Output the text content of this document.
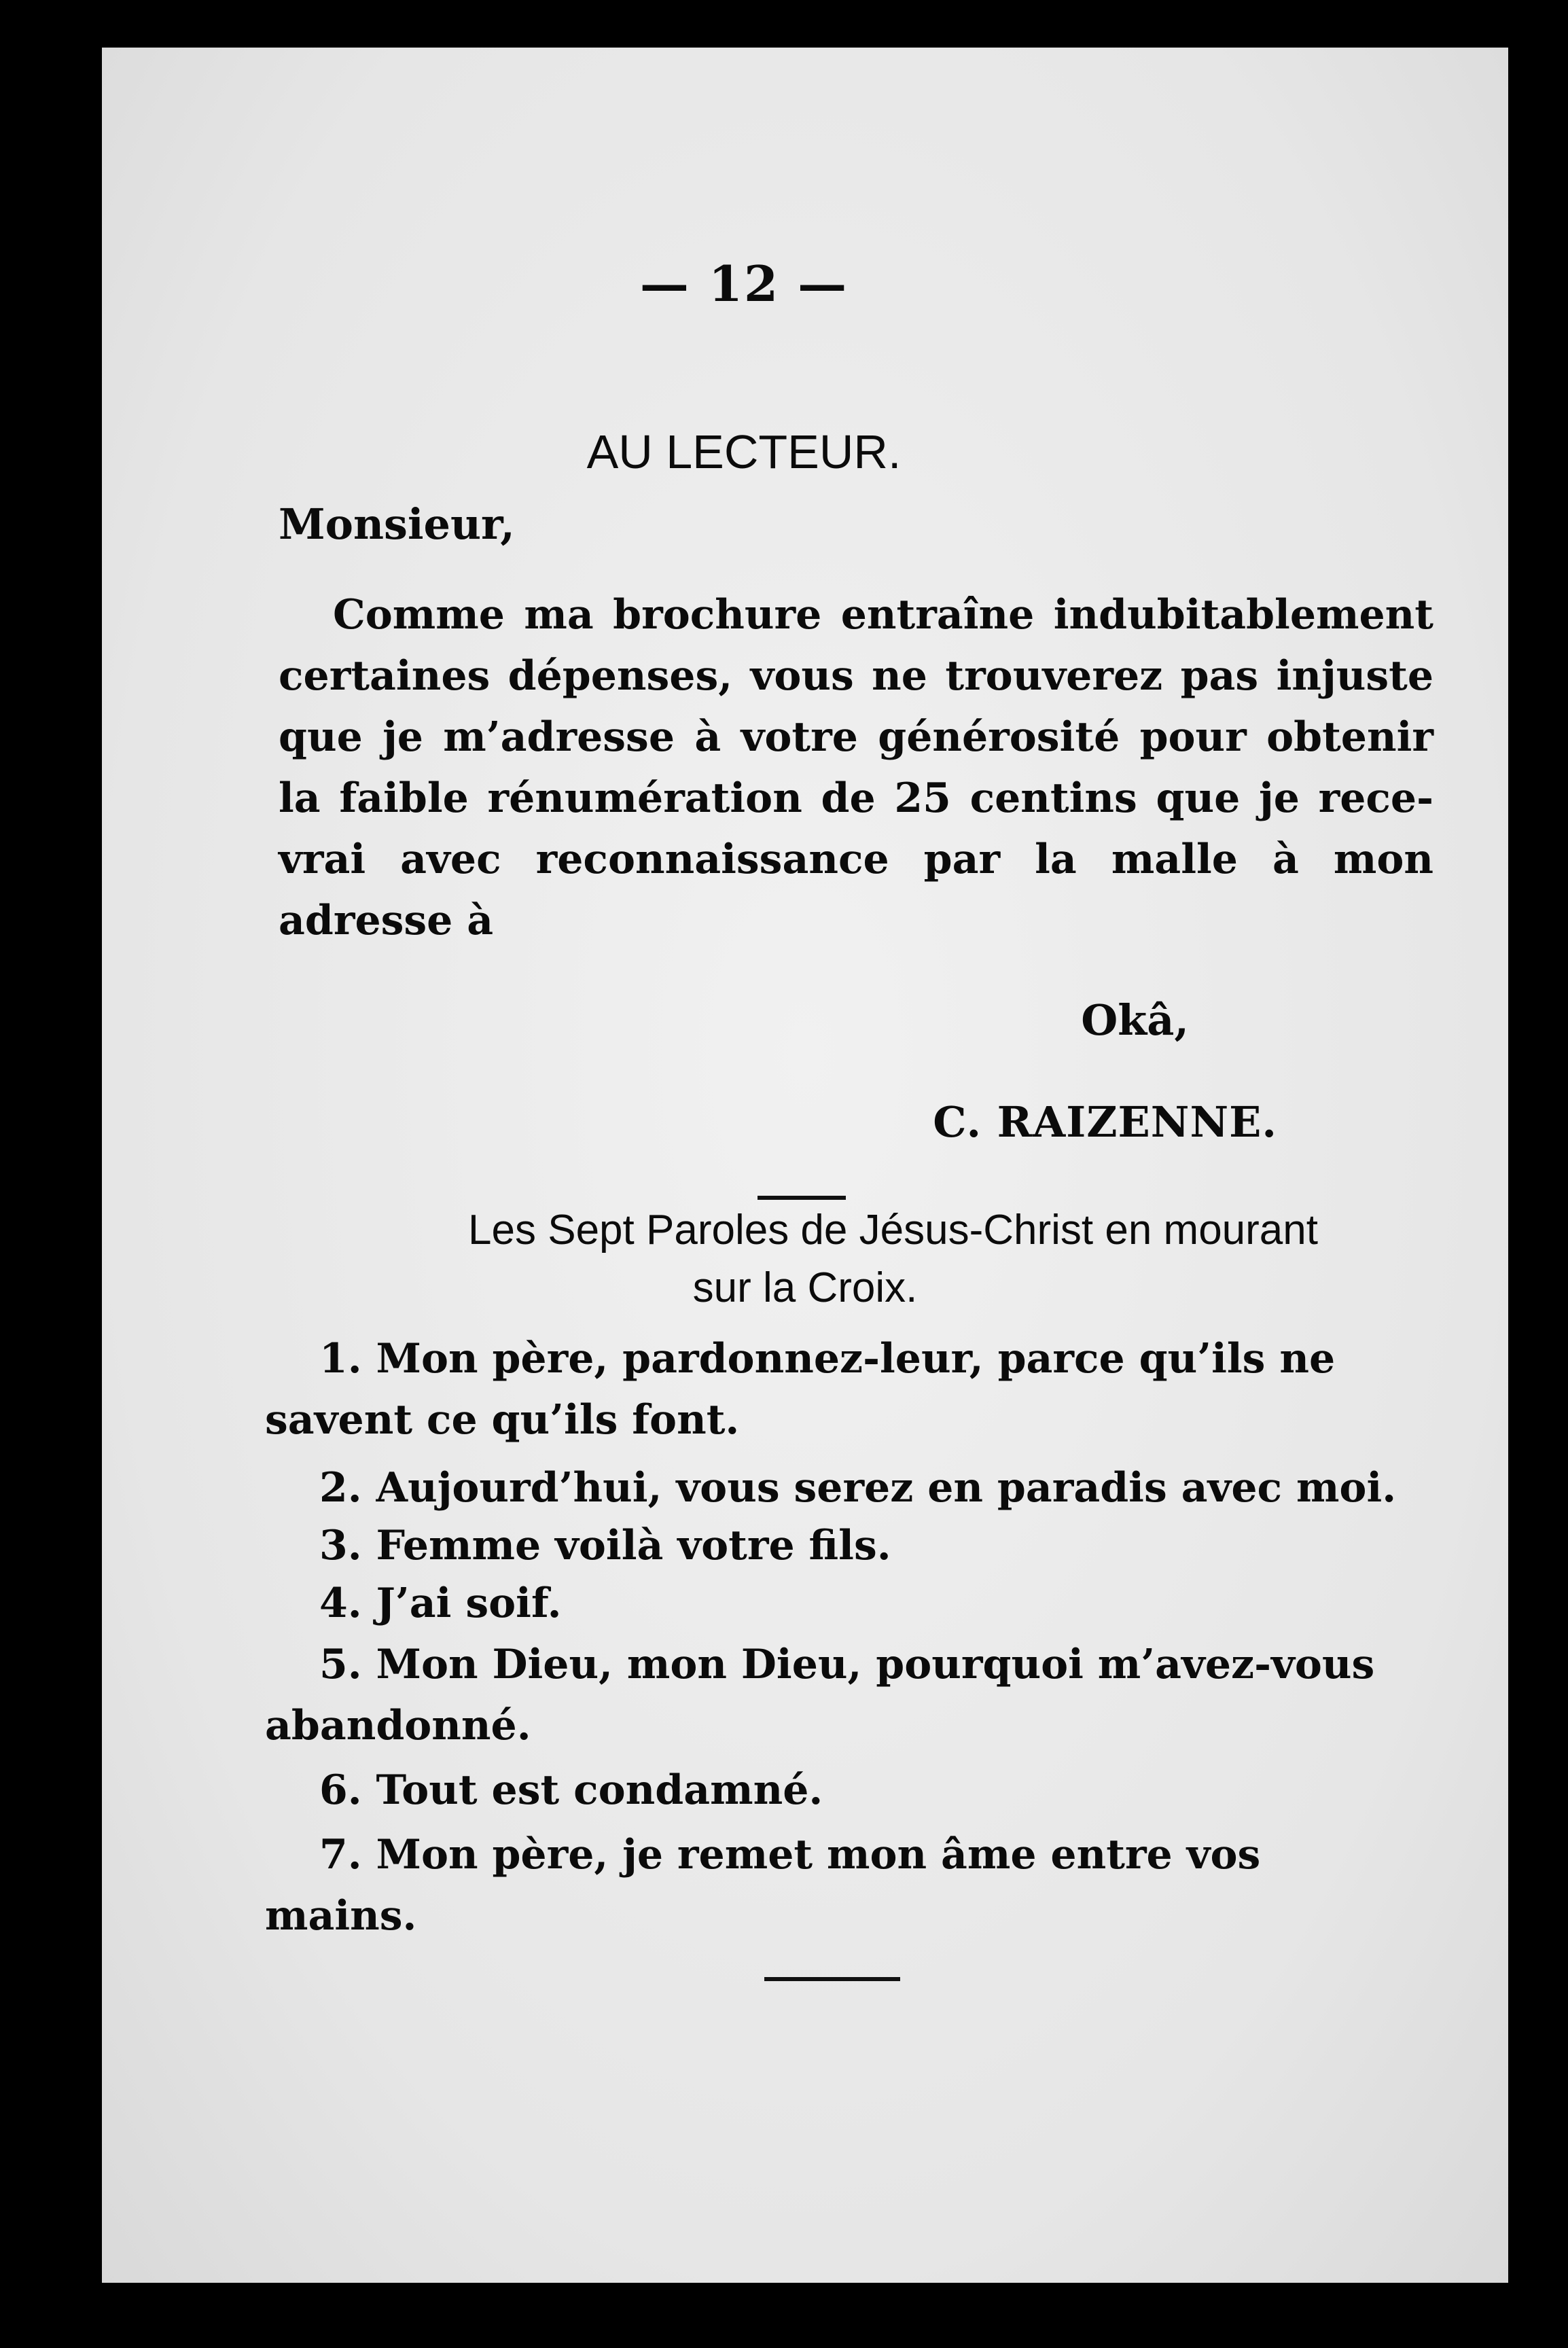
— 12 —
AU LECTEUR.
Monsieur,
Comme ma brochure entraîne indubitablement
certaines dépenses, vous ne trouverez pas injuste
que je m’adresse à votre générosité pour obtenir
la faible rénumération de 25 centins que je rece-
vrai avec reconnaissance par la malle à mon
adresse à
Okâ,
C. RAIZENNE.
Les Sept Paroles de Jésus-Christ en mourant
sur la Croix.
1. Mon père, pardonnez-leur, parce qu’ils ne
savent ce qu’ils font.
2. Aujourd’hui, vous serez en paradis avec moi.
3. Femme voilà votre fils.
4. J’ai soif.
5. Mon Dieu, mon Dieu, pourquoi m’avez-vous
abandonné.
6. Tout est condamné.
7. Mon père, je remet mon âme entre vos
mains.
